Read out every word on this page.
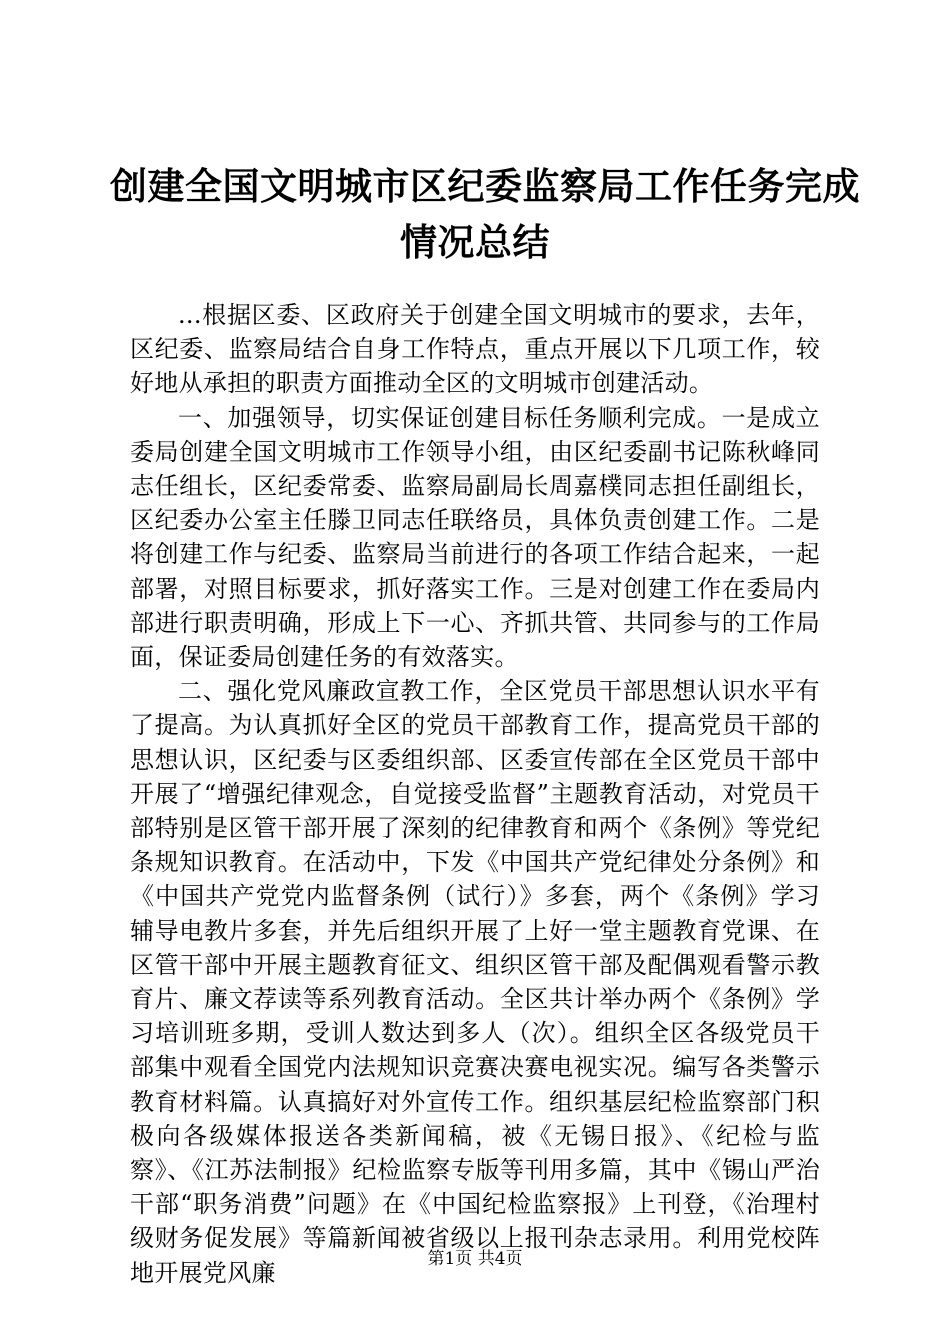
创建全国文明城市区纪委监察局工作任务完成
情况总结

...根据区委、区政府关于创建全国文明城市的要求，去年，区纪委、监察局结合自身工作特点，重点开展以下几项工作，较好地从承担的职责方面推动全区的文明城市创建活动。

一、加强领导，切实保证创建目标任务顺利完成。一是成立委局创建全国文明城市工作领导小组，由区纪委副书记陈秋峰同志任组长，区纪委常委、监察局副局长周嘉樸同志担任副组长，区纪委办公室主任滕卫同志任联络员，具体负责创建工作。二是将创建工作与纪委、监察局当前进行的各项工作结合起来，一起部署，对照目标要求，抓好落实工作。三是对创建工作在委局内部进行职责明确，形成上下一心、齐抓共管、共同参与的工作局面，保证委局创建任务的有效落实。

二、强化党风廉政宣教工作，全区党员干部思想认识水平有了提高。为认真抓好全区的党员干部教育工作，提高党员干部的思想认识，区纪委与区委组织部、区委宣传部在全区党员干部中开展了“增强纪律观念，自觉接受监督”主题教育活动，对党员干部特别是区管干部开展了深刻的纪律教育和两个《条例》等党纪条规知识教育。在活动中，下发《中国共产党纪律处分条例》和《中国共产党党内监督条例（试行）》多套，两个《条例》学习辅导电教片多套，并先后组织开展了上好一堂主题教育党课、在区管干部中开展主题教育征文、组织区管干部及配偶观看警示教育片、廉文荐读等系列教育活动。全区共计举办两个《条例》学习培训班多期，受训人数达到多人（次）。组织全区各级党员干部集中观看全国党内法规知识竞赛决赛电视实况。编写各类警示教育材料篇。认真搞好对外宣传工作。组织基层纪检监察部门积极向各级媒体报送各类新闻稿，被《无锡日报》、《纪检与监察》、《江苏法制报》纪检监察专版等刊用多篇，其中《锡山严治干部“职务消费”问题》在《中国纪检监察报》上刊登，《治理村级财务促发展》等篇新闻被省级以上报刊杂志录用。利用党校阵地开展党风廉	第1页 共4页
